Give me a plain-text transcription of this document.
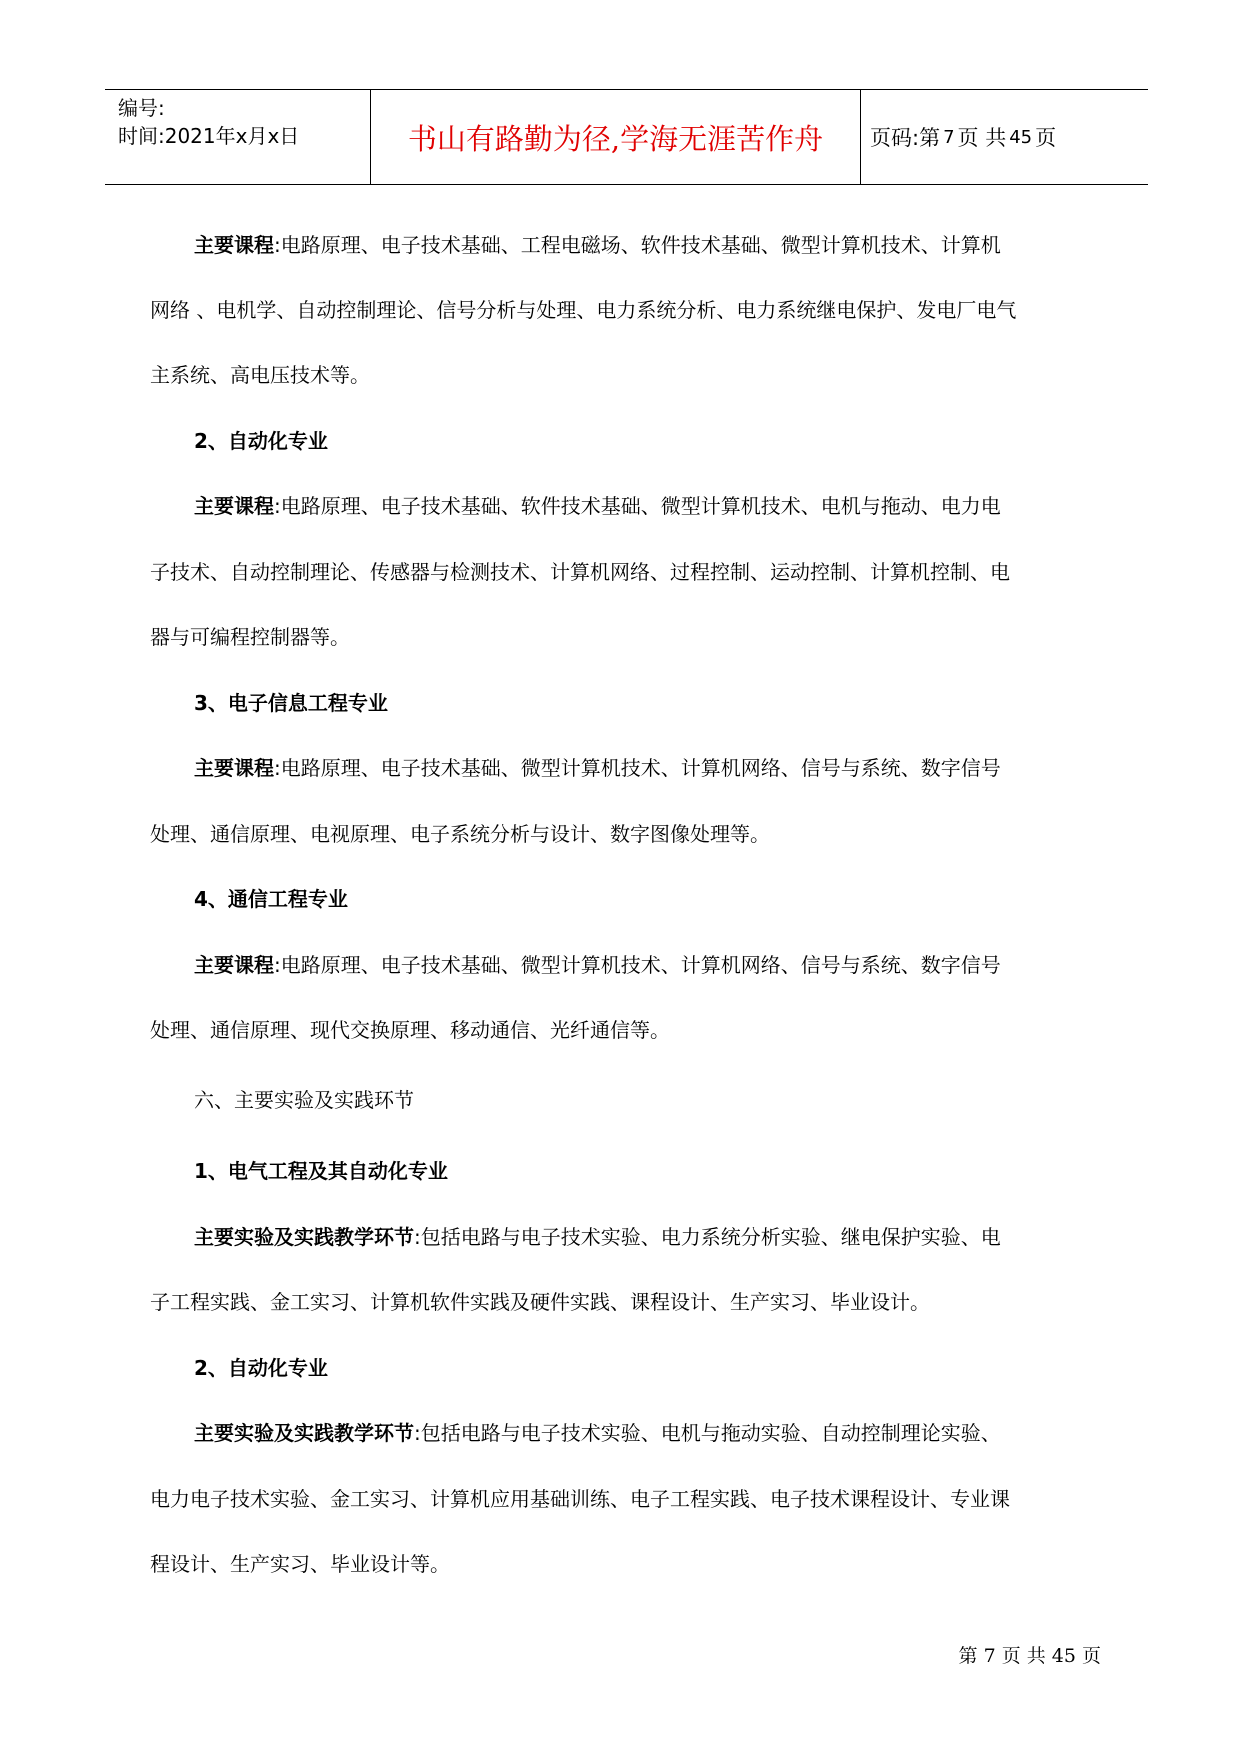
编号:
时间:2021年x月x日	书山有路勤为径,学海无涯苦作舟	页码:第 7 页 共 45 页
主要课程:电路原理、电子技术基础、工程电磁场、软件技术基础、微型计算机技术、计算机
网络 、电机学、自动控制理论、信号分析与处理、电力系统分析、电力系统继电保护、发电厂电气
主系统、高电压技术等。
2、自动化专业
主要课程:电路原理、电子技术基础、软件技术基础、微型计算机技术、电机与拖动、电力电
子技术、自动控制理论、传感器与检测技术、计算机网络、过程控制、运动控制、计算机控制、电
器与可编程控制器等。
3、电子信息工程专业
主要课程:电路原理、电子技术基础、微型计算机技术、计算机网络、信号与系统、数字信号
处理、通信原理、电视原理、电子系统分析与设计、数字图像处理等。
4、通信工程专业
主要课程:电路原理、电子技术基础、微型计算机技术、计算机网络、信号与系统、数字信号
处理、通信原理、现代交换原理、移动通信、光纤通信等。
六、主要实验及实践环节
1、电气工程及其自动化专业
主要实验及实践教学环节:包括电路与电子技术实验、电力系统分析实验、继电保护实验、电
子工程实践、金工实习、计算机软件实践及硬件实践、课程设计、生产实习、毕业设计。
2、自动化专业
主要实验及实践教学环节:包括电路与电子技术实验、电机与拖动实验、自动控制理论实验、
电力电子技术实验、金工实习、计算机应用基础训练、电子工程实践、电子技术课程设计、专业课
程设计、生产实习、毕业设计等。
第 7 页 共 45 页
